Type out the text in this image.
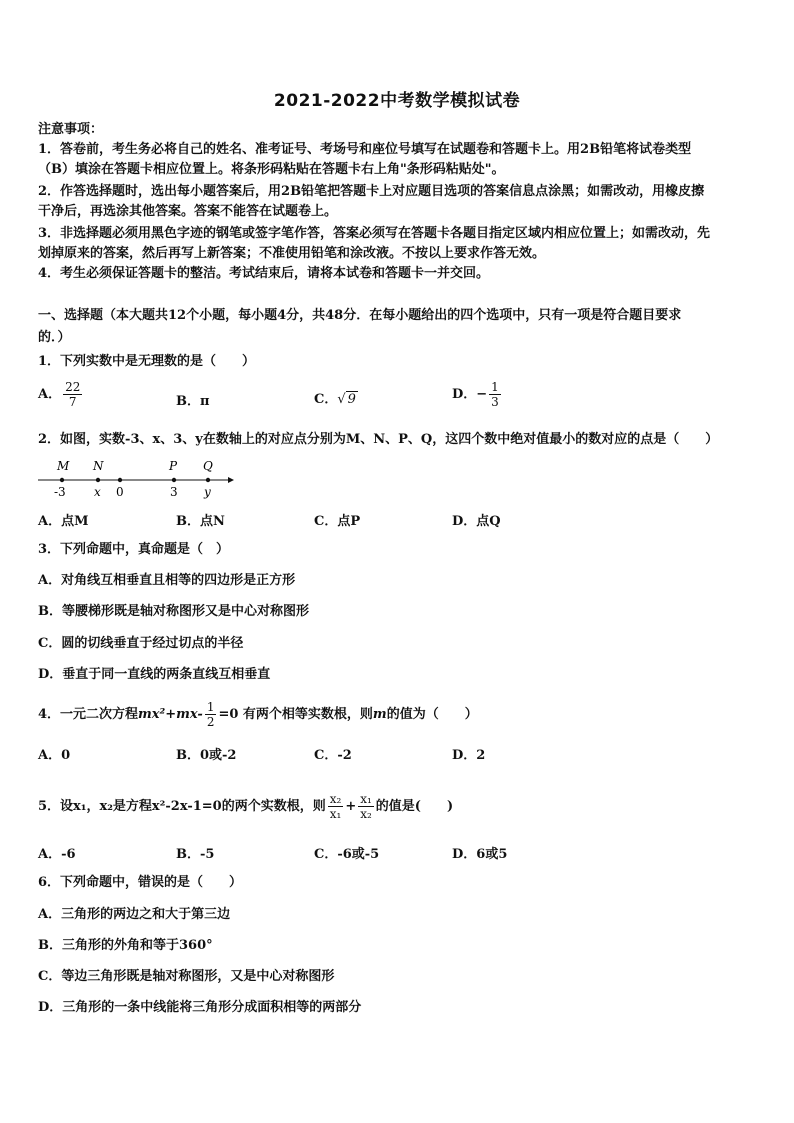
2021-2022中考数学模拟试卷
注意事项：
1．答卷前，考生务必将自己的姓名、准考证号、考场号和座位号填写在试题卷和答题卡上。用2B铅笔将试卷类型
（B）填涂在答题卡相应位置上。将条形码粘贴在答题卡右上角"条形码粘贴处"。
2．作答选择题时，选出每小题答案后，用2B铅笔把答题卡上对应题目选项的答案信息点涂黑；如需改动，用橡皮擦
干净后，再选涂其他答案。答案不能答在试题卷上。
3．非选择题必须用黑色字迹的钢笔或签字笔作答，答案必须写在答题卡各题目指定区域内相应位置上；如需改动，先
划掉原来的答案，然后再写上新答案；不准使用铅笔和涂改液。不按以上要求作答无效。
4．考生必须保证答题卡的整洁。考试结束后，请将本试卷和答题卡一并交回。
一、选择题（本大题共12个小题，每小题4分，共48分．在每小题给出的四个选项中，只有一项是符合题目要求
的．）
1．下列实数中是无理数的是（　　）
A． $\frac{22}{7}$	B．π	C．√ 9	D．− $\frac{1}{3}$
2．如图，实数-3、x、3、y在数轴上的对应点分别为M、N、P、Q，这四个数中绝对值最小的数对应的点是（　　）
M N	P Q
-3 x 0	3 y
A．点M	B．点N	C．点P	D．点Q
3．下列命题中，真命题是（　）
A．对角线互相垂直且相等的四边形是正方形
B．等腰梯形既是轴对称图形又是中心对称图形
C．圆的切线垂直于经过切点的半径
D．垂直于同一直线的两条直线互相垂直
4．一元二次方程$mx^2+mx- \frac{1}{2} =0$ 有两个相等实数根，则m的值为（　　）
A．0	B．0或-2	C．-2	D．2
5．设x₁，x₂是方程x²-2x-1=0的两个实数根，则 $\frac{\text{x₂}}{\text{x₁}} + \frac{\text{x₁}}{\text{x₂}}$ 的值是(　　)
A．-6	B．-5	C．-6或-5	D．6或5
6．下列命题中，错误的是（　　）
A．三角形的两边之和大于第三边
B．三角形的外角和等于360°
C．等边三角形既是轴对称图形，又是中心对称图形
D．三角形的一条中线能将三角形分成面积相等的两部分
